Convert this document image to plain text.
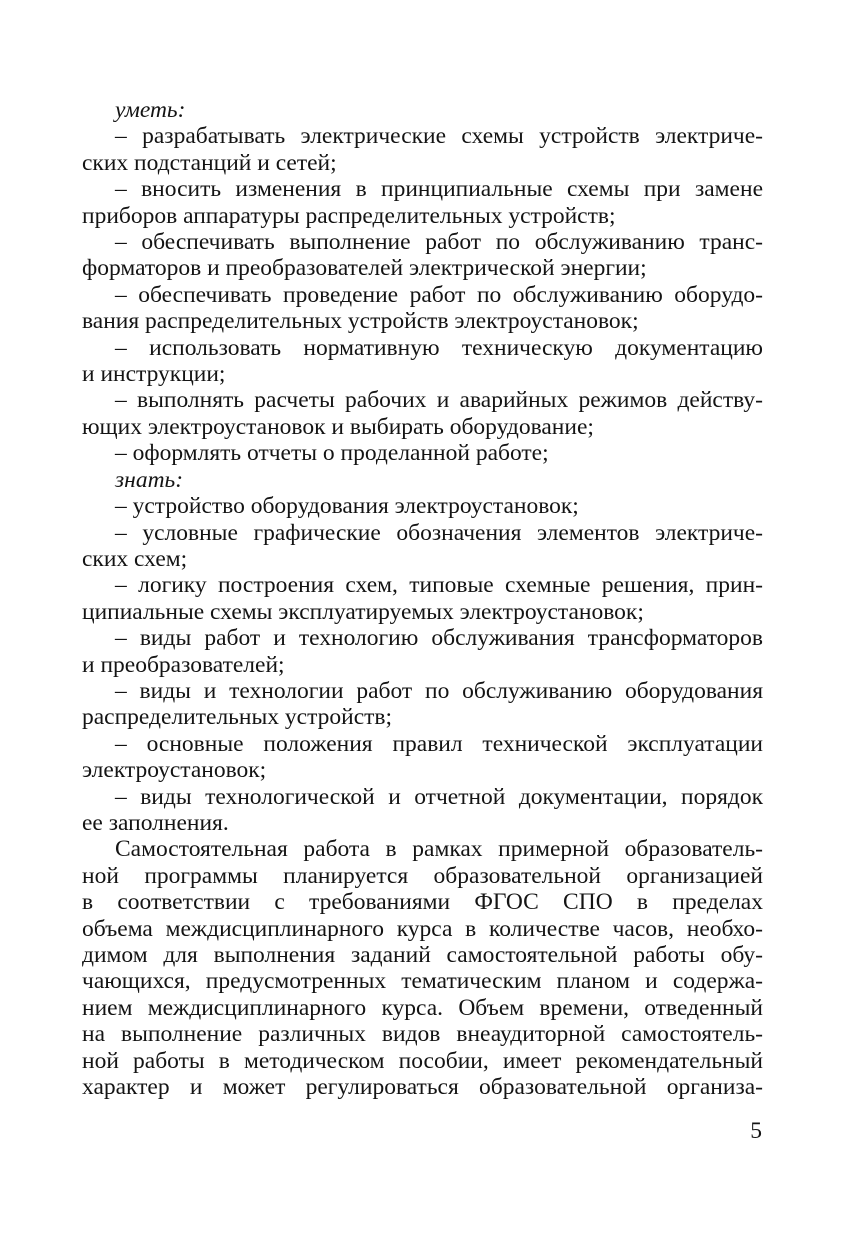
уметь:
– разрабатывать электрические схемы устройств электриче-
ских подстанций и сетей;
– вносить изменения в принципиальные схемы при замене
приборов аппаратуры распределительных устройств;
– обеспечивать выполнение работ по обслуживанию транс-
форматоров и преобразователей электрической энергии;
– обеспечивать проведение работ по обслуживанию оборудо-
вания распределительных устройств электроустановок;
– использовать нормативную техническую документацию
и инструкции;
– выполнять расчеты рабочих и аварийных режимов действу-
ющих электроустановок и выбирать оборудование;
– оформлять отчеты о проделанной работе;
знать:
– устройство оборудования электроустановок;
– условные графические обозначения элементов электриче-
ских схем;
– логику построения схем, типовые схемные решения, прин-
ципиальные схемы эксплуатируемых электроустановок;
– виды работ и технологию обслуживания трансформаторов
и преобразователей;
– виды и технологии работ по обслуживанию оборудования
распределительных устройств;
– основные положения правил технической эксплуатации
электроустановок;
– виды технологической и отчетной документации, порядок
ее заполнения.
Самостоятельная работа в рамках примерной образователь-
ной программы планируется образовательной организацией
в соответствии с требованиями ФГОС СПО в пределах
объема междисциплинарного курса в количестве часов, необхо-
димом для выполнения заданий самостоятельной работы обу-
чающихся, предусмотренных тематическим планом и содержа-
нием междисциплинарного курса. Объем времени, отведенный
на выполнение различных видов внеаудиторной самостоятель-
ной работы в методическом пособии, имеет рекомендательный
характер и может регулироваться образовательной организа-
5
